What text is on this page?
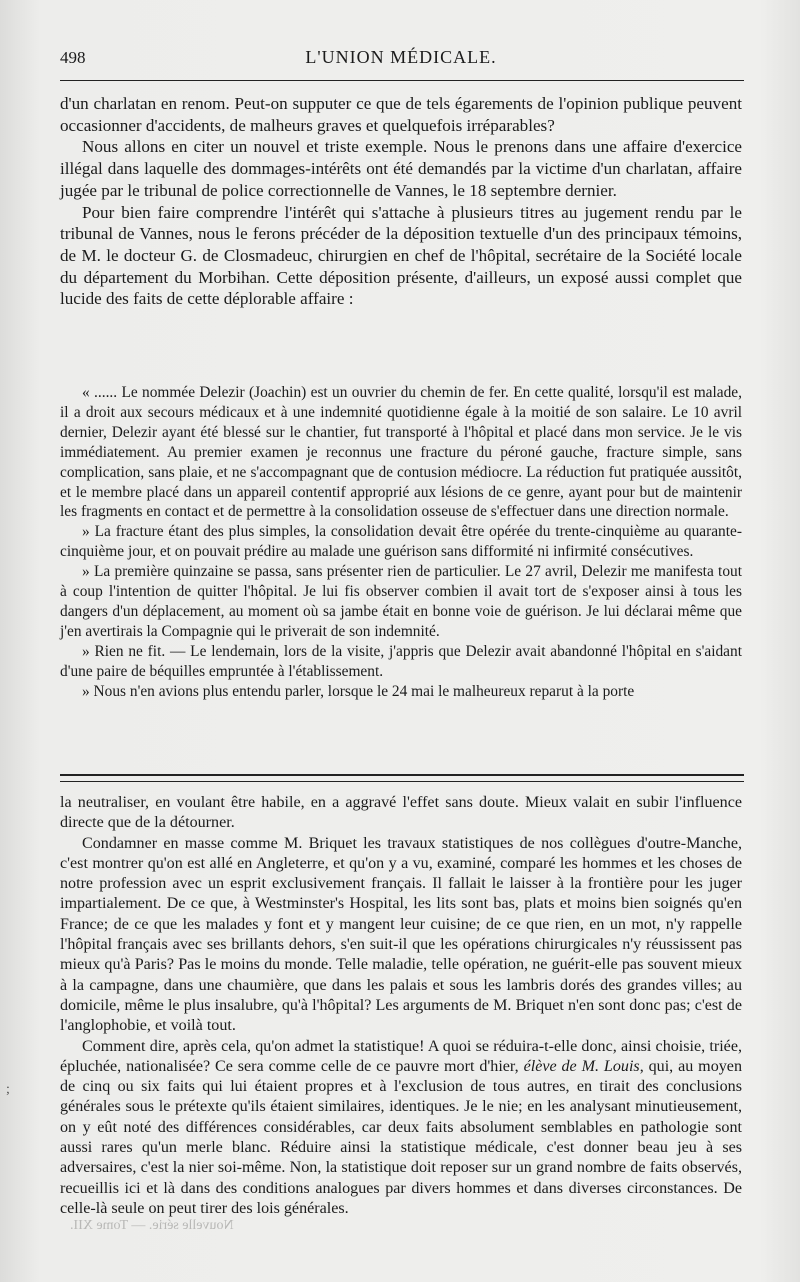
498	L'UNION MÉDICALE.

d'un charlatan en renom. Peut-on supputer ce que de tels égarements de l'opinion publique peuvent occasionner d'accidents, de malheurs graves et quelquefois irréparables?

Nous allons en citer un nouvel et triste exemple. Nous le prenons dans une affaire d'exercice illégal dans laquelle des dommages-intérêts ont été demandés par la victime d'un charlatan, affaire jugée par le tribunal de police correctionnelle de Vannes, le 18 septembre dernier.

Pour bien faire comprendre l'intérêt qui s'attache à plusieurs titres au jugement rendu par le tribunal de Vannes, nous le ferons précéder de la déposition textuelle d'un des principaux témoins, de M. le docteur G. de Closmadeuc, chirurgien en chef de l'hôpital, secrétaire de la Société locale du département du Morbihan. Cette déposition présente, d'ailleurs, un exposé aussi complet que lucide des faits de cette déplorable affaire :

« ...... Le nommée Delezir (Joachin) est un ouvrier du chemin de fer. En cette qualité, lorsqu'il est malade, il a droit aux secours médicaux et à une indemnité quotidienne égale à la moitié de son salaire. Le 10 avril dernier, Delezir ayant été blessé sur le chantier, fut transporté à l'hôpital et placé dans mon service. Je le vis immédiatement. Au premier examen je reconnus une fracture du péroné gauche, fracture simple, sans complication, sans plaie, et ne s'accompagnant que de contusion médiocre. La réduction fut pratiquée aussitôt, et le membre placé dans un appareil contentif approprié aux lésions de ce genre, ayant pour but de maintenir les fragments en contact et de permettre à la consolidation osseuse de s'effectuer dans une direction normale.

» La fracture étant des plus simples, la consolidation devait être opérée du trente-cinquième au quarante-cinquième jour, et on pouvait prédire au malade une guérison sans difformité ni infirmité consécutives.

» La première quinzaine se passa, sans présenter rien de particulier. Le 27 avril, Delezir me manifesta tout à coup l'intention de quitter l'hôpital. Je lui fis observer combien il avait tort de s'exposer ainsi à tous les dangers d'un déplacement, au moment où sa jambe était en bonne voie de guérison. Je lui déclarai même que j'en avertirais la Compagnie qui le priverait de son indemnité.

» Rien ne fit. — Le lendemain, lors de la visite, j'appris que Delezir avait abandonné l'hôpital en s'aidant d'une paire de béquilles empruntée à l'établissement.

» Nous n'en avions plus entendu parler, lorsque le 24 mai le malheureux reparut à la porte

la neutraliser, en voulant être habile, en a aggravé l'effet sans doute. Mieux valait en subir l'influence directe que de la détourner.

Condamner en masse comme M. Briquet les travaux statistiques de nos collègues d'outre-Manche, c'est montrer qu'on est allé en Angleterre, et qu'on y a vu, examiné, comparé les hommes et les choses de notre profession avec un esprit exclusivement français. Il fallait le laisser à la frontière pour les juger impartialement. De ce que, à Westminster's Hospital, les lits sont bas, plats et moins bien soignés qu'en France; de ce que les malades y font et y mangent leur cuisine; de ce que rien, en un mot, n'y rappelle l'hôpital français avec ses brillants dehors, s'en suit-il que les opérations chirurgicales n'y réussissent pas mieux qu'à Paris? Pas le moins du monde. Telle maladie, telle opération, ne guérit-elle pas souvent mieux à la campagne, dans une chaumière, que dans les palais et sous les lambris dorés des grandes villes; au domicile, même le plus insalubre, qu'à l'hôpital? Les arguments de M. Briquet n'en sont donc pas; c'est de l'anglophobie, et voilà tout.

Comment dire, après cela, qu'on admet la statistique! A quoi se réduira-t-elle donc, ainsi choisie, triée, épluchée, nationalisée? Ce sera comme celle de ce pauvre mort d'hier, élève de M. Louis, qui, au moyen de cinq ou six faits qui lui étaient propres et à l'exclusion de tous autres, en tirait des conclusions générales sous le prétexte qu'ils étaient similaires, identiques. Je le nie; en les analysant minutieusement, on y eût noté des différences considérables, car deux faits absolument semblables en pathologie sont aussi rares qu'un merle blanc. Réduire ainsi la statistique médicale, c'est donner beau jeu à ses adversaires, c'est la nier soi-même. Non, la statistique doit reposer sur un grand nombre de faits observés, recueillis ici et là dans des conditions analogues par divers hommes et dans diverses circonstances. De celle-là seule on peut tirer des lois générales.

Nouvelle série. — Tome XII.
;
